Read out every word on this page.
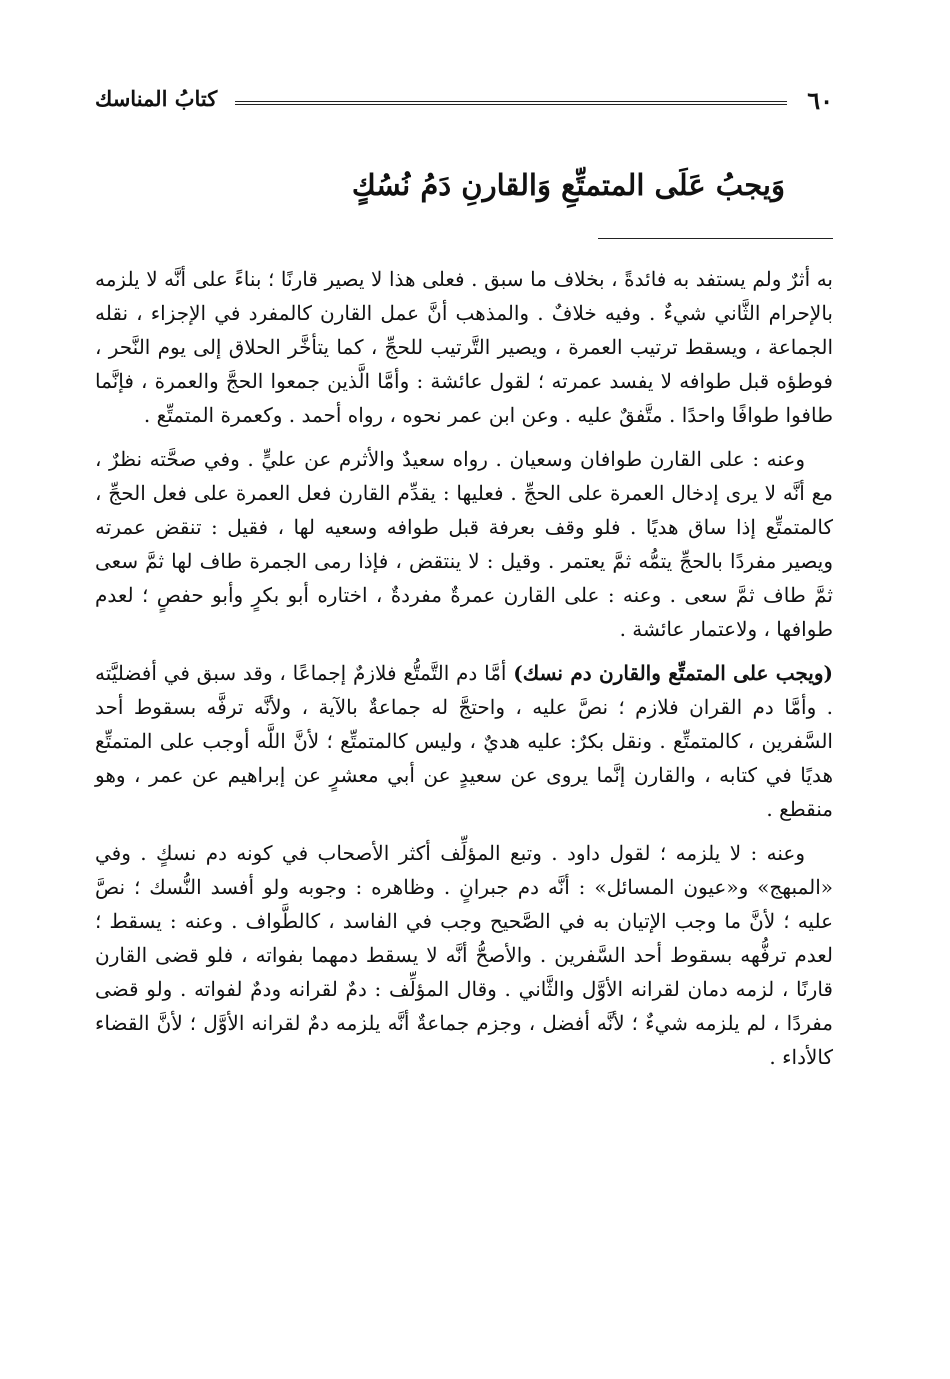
٦٠
كتابُ المناسك
وَيجبُ عَلَى المتمتِّعِ وَالقارنِ دَمُ نُسُكٍ

به أثرٌ ولم يستفد به فائدةً ، بخلاف ما سبق . فعلى هذا لا يصير قارنًا ؛ بناءً على أنَّه لا يلزمه بالإحرام الثَّاني شيءٌ . وفيه خلافٌ . والمذهب أنَّ عمل القارن كالمفرد في الإجزاء ، نقله الجماعة ، ويسقط ترتيب العمرة ، ويصير التَّرتيب للحجِّ ، كما يتأخَّر الحلاق إلى يوم النَّحر ، فوطؤه قبل طوافه لا يفسد عمرته ؛ لقول عائشة : وأمَّا الَّذين جمعوا الحجَّ والعمرة ، فإنَّما طافوا طوافًا واحدًا . متَّفقٌ عليه . وعن ابن عمر نحوه ، رواه أحمد . وكعمرة المتمتِّع .

وعنه : على القارن طوافان وسعيان . رواه سعيدٌ والأثرم عن عليٍّ . وفي صحَّته نظرٌ ، مع أنَّه لا يرى إدخال العمرة على الحجِّ . فعليها : يقدِّم القارن فعل العمرة على فعل الحجِّ ، كالمتمتِّع إذا ساق هديًا . فلو وقف بعرفة قبل طوافه وسعيه لها ، فقيل : تنقض عمرته ويصير مفردًا بالحجِّ يتمُّه ثمَّ يعتمر . وقيل : لا ينتقض ، فإذا رمى الجمرة طاف لها ثمَّ سعى ثمَّ طاف ثمَّ سعى . وعنه : على القارن عمرةٌ مفردةٌ ، اختاره أبو بكرٍ وأبو حفصٍ ؛ لعدم طوافها ، ولاعتمار عائشة .

(ويجب على المتمتِّع والقارن دم نسك) أمَّا دم التَّمتُّع فلازمٌ إجماعًا ، وقد سبق في أفضليَّته . وأمَّا دم القران فلازم ؛ نصَّ عليه ، واحتجَّ له جماعةٌ بالآية ، ولأنَّه ترفَّه بسقوط أحد السَّفرين ، كالمتمتِّع . ونقل بكرٌ: عليه هديٌ ، وليس كالمتمتِّع ؛ لأنَّ اللَّه أوجب على المتمتِّع هديًا في كتابه ، والقارن إنَّما يروى عن سعيدٍ عن أبي معشرٍ عن إبراهيم عن عمر ، وهو منقطع .

وعنه : لا يلزمه ؛ لقول داود . وتبع المؤلِّف أكثر الأصحاب في كونه دم نسكٍ . وفي «المبهج» و«عيون المسائل» : أنَّه دم جبرانٍ . وظاهره : وجوبه ولو أفسد النُّسك ؛ نصَّ عليه ؛ لأنَّ ما وجب الإتيان به في الصَّحيح وجب في الفاسد ، كالطَّواف . وعنه : يسقط ؛ لعدم ترفُّهه بسقوط أحد السَّفرين . والأصحُّ أنَّه لا يسقط دمهما بفواته ، فلو قضى القارن قارنًا ، لزمه دمان لقرانه الأوَّل والثَّاني . وقال المؤلِّف : دمٌ لقرانه ودمٌ لفواته . ولو قضى مفردًا ، لم يلزمه شيءٌ ؛ لأنَّه أفضل ، وجزم جماعةٌ أنَّه يلزمه دمٌ لقرانه الأوَّل ؛ لأنَّ القضاء كالأداء .
